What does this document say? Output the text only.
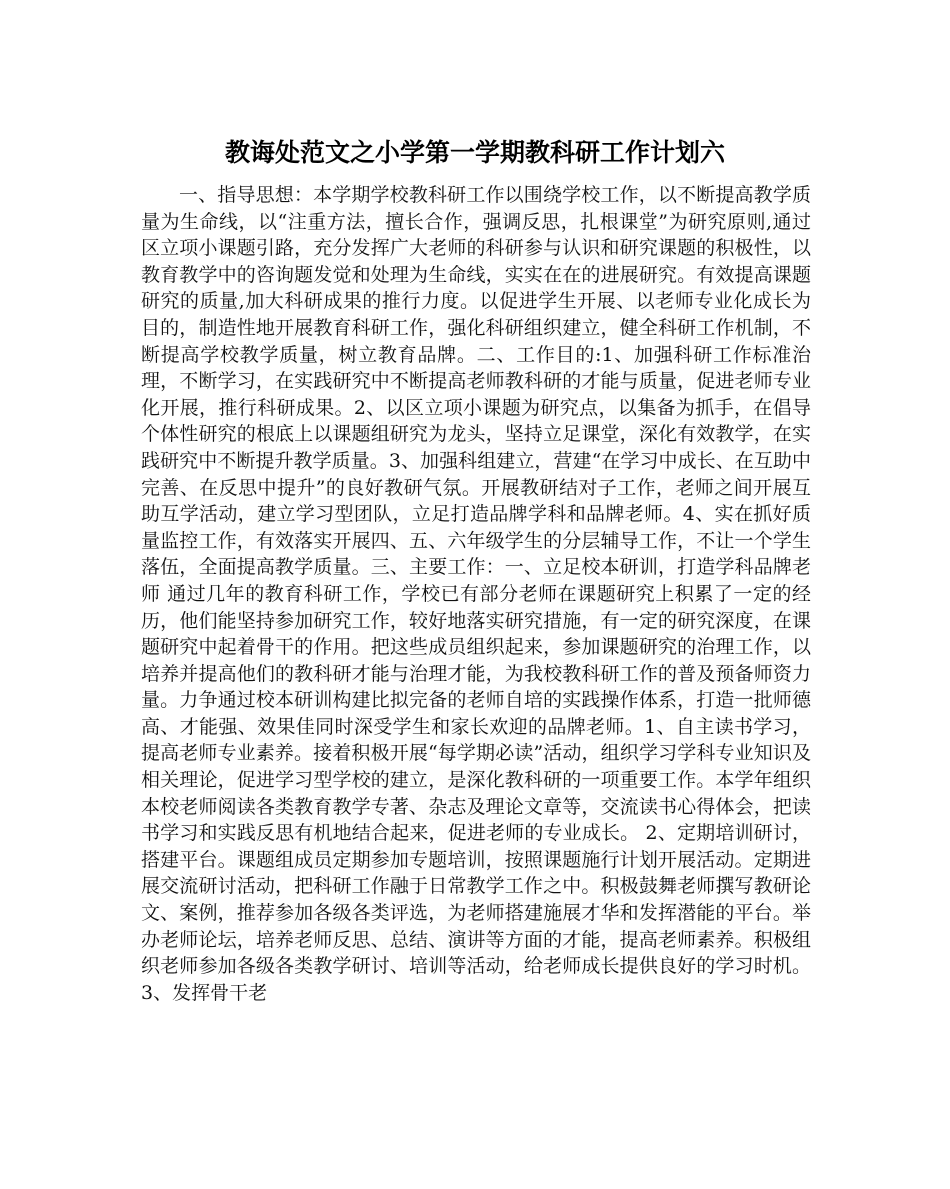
教诲处范文之小学第一学期教科研工作计划六

一、指导思想：本学期学校教科研工作以围绕学校工作，以不断提高教学质量为生命线，以“注重方法，擅长合作，强调反思，扎根课堂”为研究原则,通过区立项小课题引路，充分发挥广大老师的科研参与认识和研究课题的积极性，以教育教学中的咨询题发觉和处理为生命线，实实在在的进展研究。有效提高课题研究的质量,加大科研成果的推行力度。以促进学生开展、以老师专业化成长为目的，制造性地开展教育科研工作，强化科研组织建立，健全科研工作机制，不断提高学校教学质量，树立教育品牌。二、工作目的:1、加强科研工作标准治理，不断学习，在实践研究中不断提高老师教科研的才能与质量，促进老师专业化开展，推行科研成果。2、以区立项小课题为研究点，以集备为抓手，在倡导个体性研究的根底上以课题组研究为龙头，坚持立足课堂，深化有效教学，在实践研究中不断提升教学质量。3、加强科组建立，营建“在学习中成长、在互助中完善、在反思中提升”的良好教研气氛。开展教研结对子工作，老师之间开展互助互学活动，建立学习型团队，立足打造品牌学科和品牌老师。4、实在抓好质量监控工作，有效落实开展四、五、六年级学生的分层辅导工作，不让一个学生落伍，全面提高教学质量。三、主要工作：一、立足校本研训，打造学科品牌老师 通过几年的教育科研工作，学校已有部分老师在课题研究上积累了一定的经历，他们能坚持参加研究工作，较好地落实研究措施，有一定的研究深度，在课题研究中起着骨干的作用。把这些成员组织起来，参加课题研究的治理工作，以培养并提高他们的教科研才能与治理才能，为我校教科研工作的普及预备师资力量。力争通过校本研训构建比拟完备的老师自培的实践操作体系，打造一批师德高、才能强、效果佳同时深受学生和家长欢迎的品牌老师。1、自主读书学习，提高老师专业素养。接着积极开展“每学期必读”活动，组织学习学科专业知识及相关理论，促进学习型学校的建立，是深化教科研的一项重要工作。本学年组织本校老师阅读各类教育教学专著、杂志及理论文章等，交流读书心得体会，把读书学习和实践反思有机地结合起来，促进老师的专业成长。 2、定期培训研讨，搭建平台。课题组成员定期参加专题培训，按照课题施行计划开展活动。定期进展交流研讨活动，把科研工作融于日常教学工作之中。积极鼓舞老师撰写教研论文、案例，推荐参加各级各类评选，为老师搭建施展才华和发挥潜能的平台。举办老师论坛，培养老师反思、总结、演讲等方面的才能，提高老师素养。积极组织老师参加各级各类教学研讨、培训等活动，给老师成长提供良好的学习时机。 3、发挥骨干老
